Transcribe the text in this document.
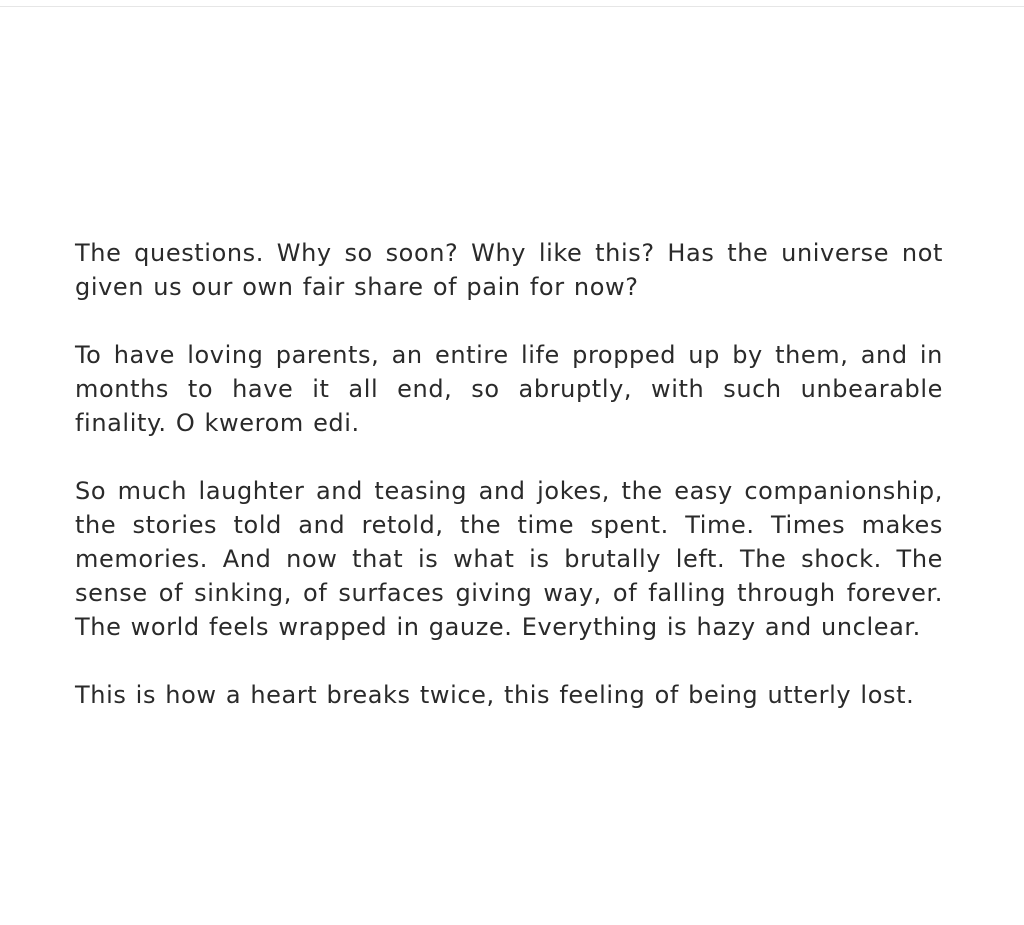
The questions. Why so soon? Why like this? Has the universe not given us our own fair share of pain for now?

To have loving parents, an entire life propped up by them, and in months to have it all end, so abruptly, with such unbearable finality. O kwerom edi.

So much laughter and teasing and jokes, the easy companionship, the stories told and retold, the time spent. Time. Times makes memories. And now that is what is brutally left. The shock. The sense of sinking, of surfaces giving way, of falling through forever. The world feels wrapped in gauze. Everything is hazy and unclear.

This is how a heart breaks twice, this feeling of being utterly lost.
